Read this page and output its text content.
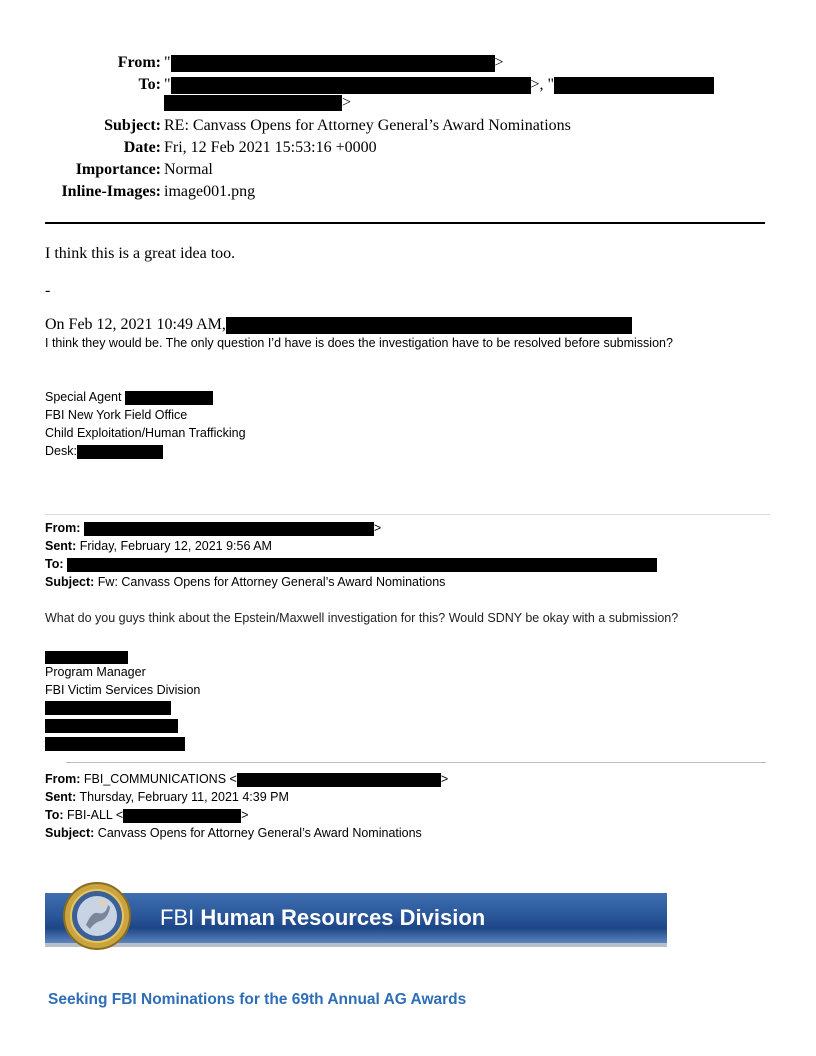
From: "	>
To: "	>, "
>
Subject: RE: Canvass Opens for Attorney General’s Award Nominations
Date: Fri, 12 Feb 2021 15:53:16 +0000
Importance: Normal
Inline-Images: image001.png
I think this is a great idea too.
-
On Feb 12, 2021 10:49 AM,
I think they would be. The only question I’d have is does the investigation have to be resolved before submission?
Special Agent
FBI New York Field Office
Child Exploitation/Human Trafficking
Desk:
From:	>
Sent: Friday, February 12, 2021 9:56 AM
To:
Subject: Fw: Canvass Opens for Attorney General’s Award Nominations
What do you guys think about the Epstein/Maxwell investigation for this? Would SDNY be okay with a submission?
Program Manager
FBI Victim Services Division
From: FBI_COMMUNICATIONS <	>
Sent: Thursday, February 11, 2021 4:39 PM
To: FBI-ALL <	>
Subject: Canvass Opens for Attorney General’s Award Nominations
FBI Human Resources Division
Seeking FBI Nominations for the 69th Annual AG Awards
